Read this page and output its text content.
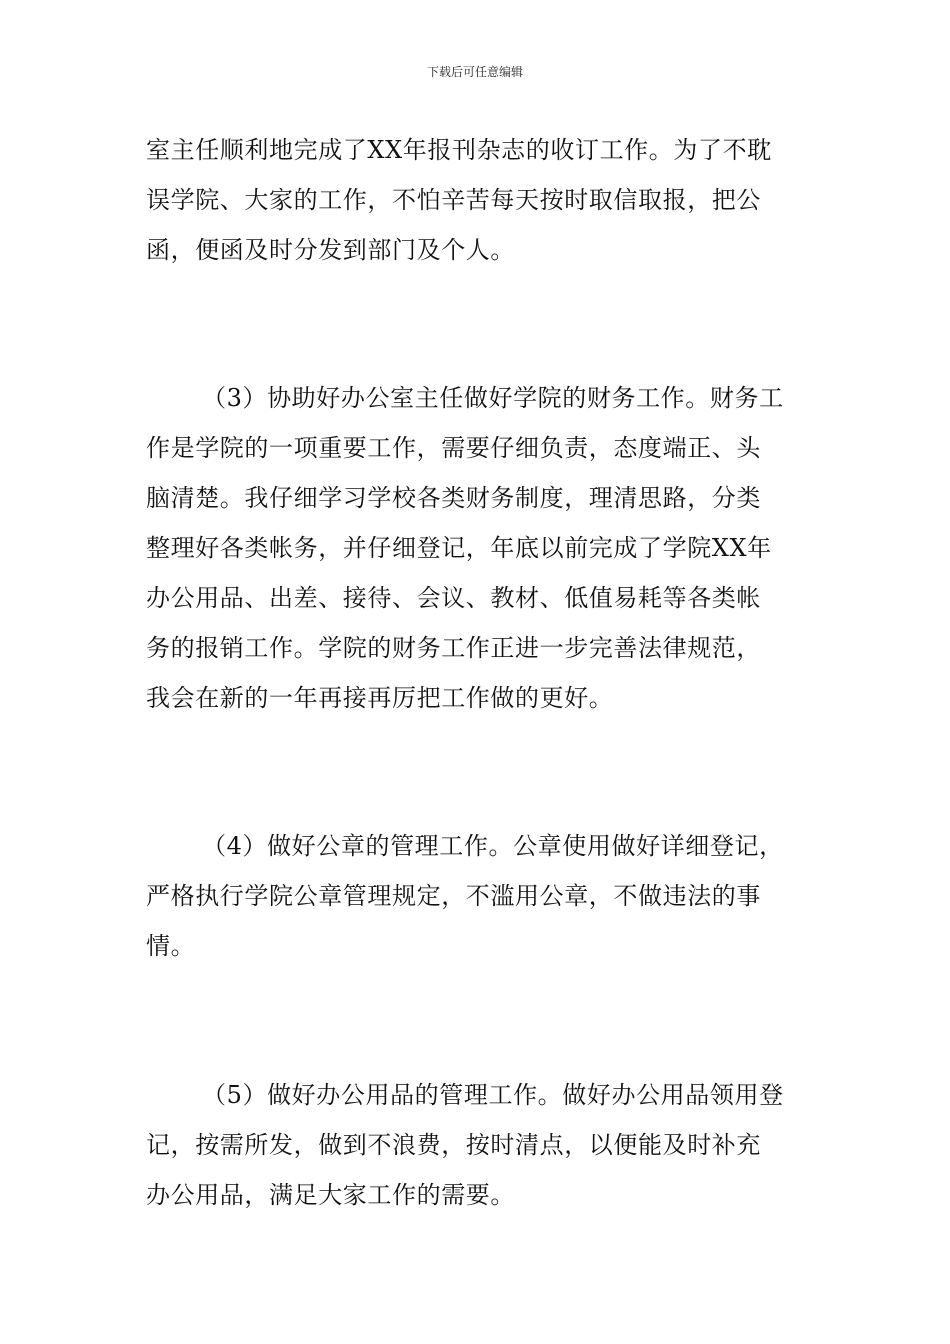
下载后可任意编辑

室主任顺利地完成了XX年报刊杂志的收订工作。为了不耽
误学院、大家的工作，不怕辛苦每天按时取信取报，把公
函，便函及时分发到部门及个人。

（3）协助好办公室主任做好学院的财务工作。财务工
作是学院的一项重要工作，需要仔细负责，态度端正、头
脑清楚。我仔细学习学校各类财务制度，理清思路，分类
整理好各类帐务，并仔细登记，年底以前完成了学院XX年
办公用品、出差、接待、会议、教材、低值易耗等各类帐
务的报销工作。学院的财务工作正进一步完善法律规范，
我会在新的一年再接再厉把工作做的更好。

（4）做好公章的管理工作。公章使用做好详细登记，
严格执行学院公章管理规定，不滥用公章，不做违法的事
情。

（5）做好办公用品的管理工作。做好办公用品领用登
记，按需所发，做到不浪费，按时清点，以便能及时补充
办公用品，满足大家工作的需要。
